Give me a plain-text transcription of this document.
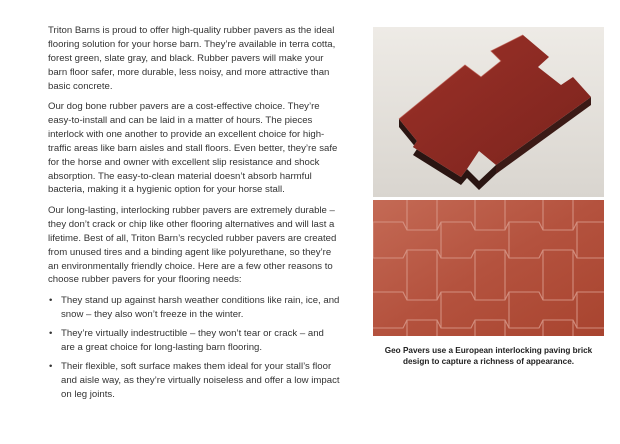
Triton Barns is proud to offer high-quality rubber pavers as the ideal flooring solution for your horse barn. They’re available in terra cotta, forest green, slate gray, and black. Rubber pavers will make your barn floor safer, more durable, less noisy, and more attractive than basic concrete.

Our dog bone rubber pavers are a cost-effective choice. They’re easy-to-install and can be laid in a matter of hours. The pieces interlock with one another to provide an excellent choice for high-traffic areas like barn aisles and stall floors. Even better, they’re safe for the horse and owner with excellent slip resistance and shock absorption. The easy-to-clean material doesn’t absorb harmful bacteria, making it a hygienic option for your horse stall.

Our long-lasting, interlocking rubber pavers are extremely durable – they don’t crack or chip like other flooring alternatives and will last a lifetime. Best of all, Triton Barn’s recycled rubber pavers are created from unused tires and a binding agent like polyurethane, so they’re an environmentally friendly choice. Here are a few other reasons to choose rubber pavers for your flooring needs:

• They stand up against harsh weather conditions like rain, ice, and snow – they also won’t freeze in the winter.
• They’re virtually indestructible – they won’t tear or crack – and are a great choice for long-lasting barn flooring.
• Their flexible, soft surface makes them ideal for your stall’s floor and aisle way, as they’re virtually noiseless and offer a low impact on leg joints.
Geo Pavers use a European interlocking paving brick design to capture a richness of appearance.
